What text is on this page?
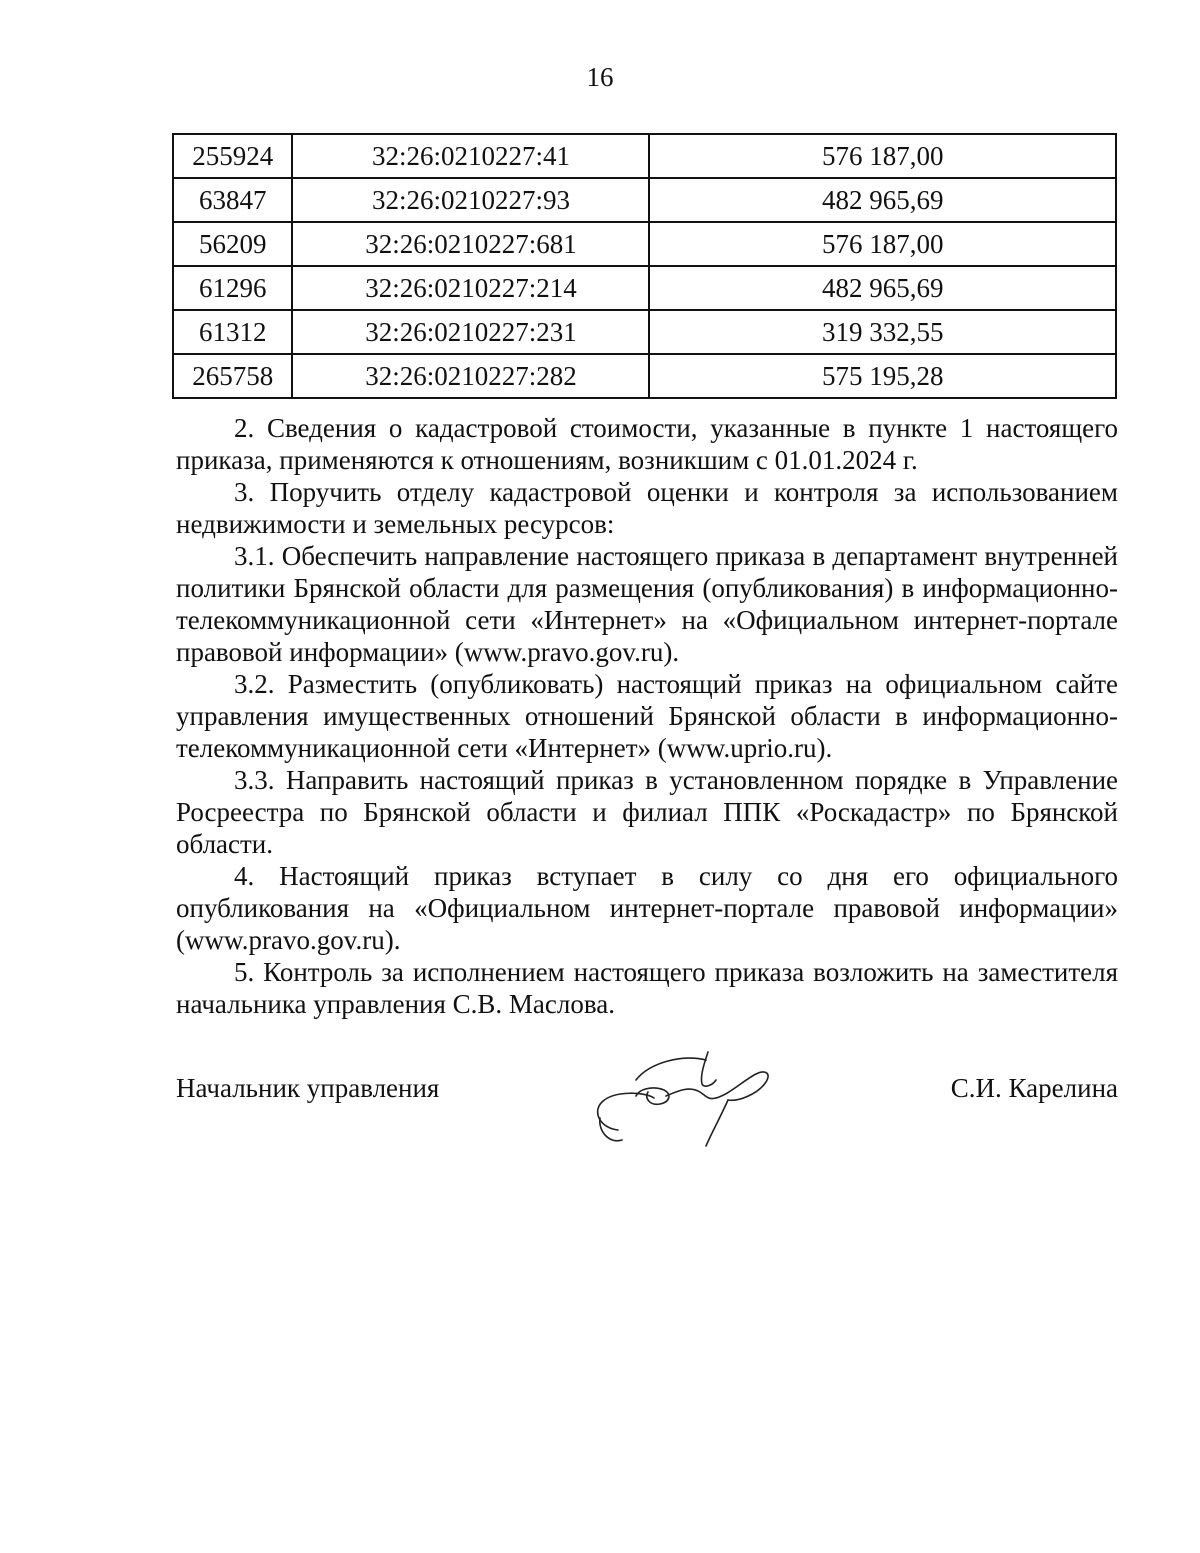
16
255924	32:26:0210227:41	576 187,00
63847	32:26:0210227:93	482 965,69
56209	32:26:0210227:681	576 187,00
61296	32:26:0210227:214	482 965,69
61312	32:26:0210227:231	319 332,55
265758	32:26:0210227:282	575 195,28

2. Сведения о кадастровой стоимости, указанные в пункте 1 настоящего приказа, применяются к отношениям, возникшим с 01.01.2024 г.

3. Поручить отделу кадастровой оценки и контроля за использованием недвижимости и земельных ресурсов:

3.1. Обеспечить направление настоящего приказа в департамент внутренней политики Брянской области для размещения (опубликования) в информационно-телекоммуникационной сети «Интернет» на «Официальном интернет-портале правовой информации» (www.pravo.gov.ru).

3.2. Разместить (опубликовать) настоящий приказ на официальном сайте управления имущественных отношений Брянской области в информационно-телекоммуникационной сети «Интернет» (www.uprio.ru).

3.3. Направить настоящий приказ в установленном порядке в Управление Росреестра по Брянской области и филиал ППК «Роскадастр» по Брянской области.

4. Настоящий приказ вступает в силу со дня его официального опубликования на «Официальном интернет-портале правовой информации» (www.pravo.gov.ru).

5. Контроль за исполнением настоящего приказа возложить на заместителя начальника управления С.В. Маслова.

Начальник управления	С.И. Карелина
